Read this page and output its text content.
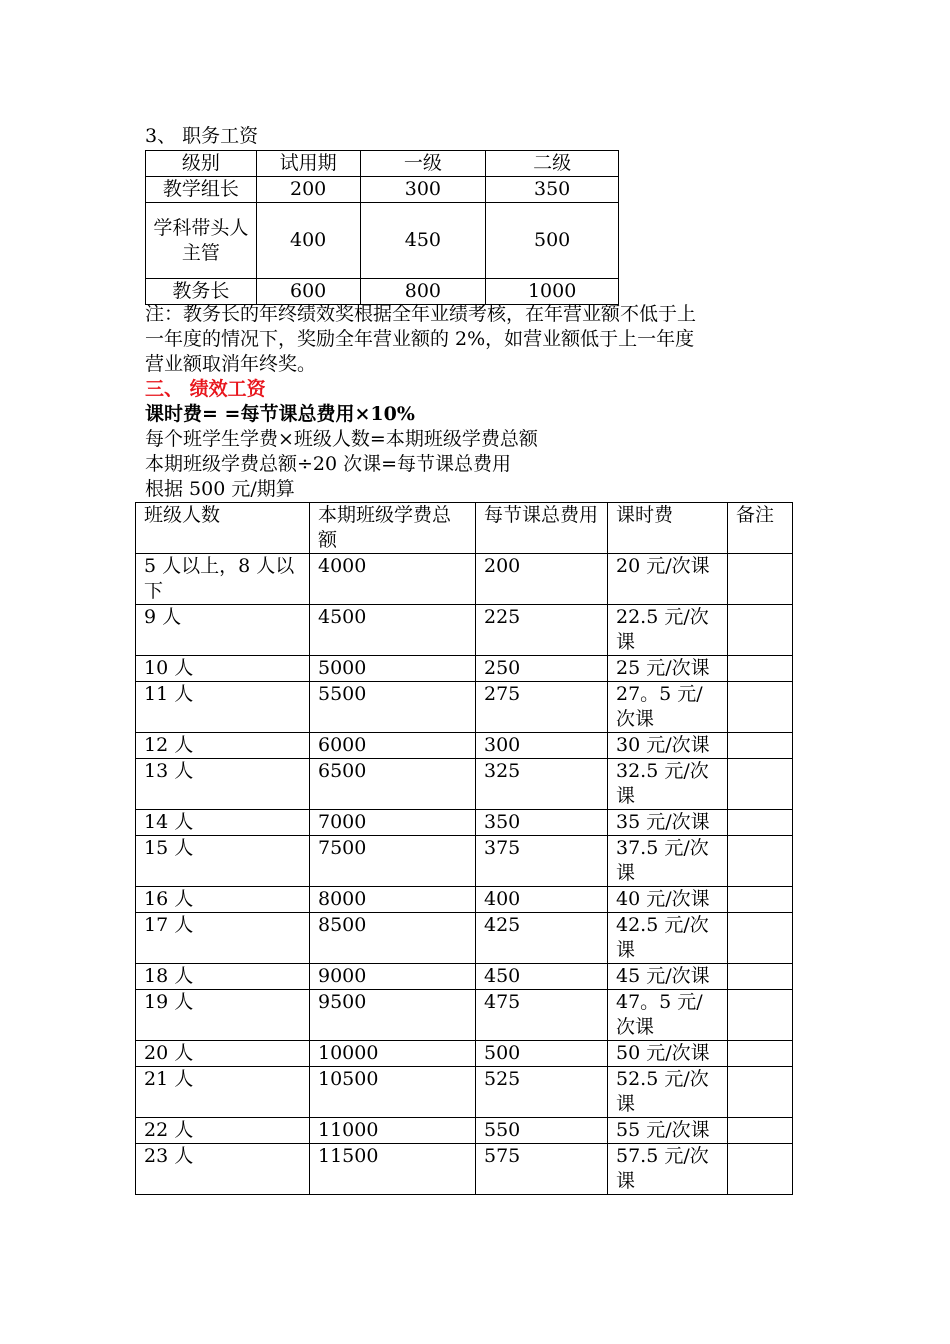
3、 职务工资
级别	试用期	一级	二级
教学组长	200	300	350
学科带头人
主管	400	450	500
教务长	600	800	1000
注：教务长的年终绩效奖根据全年业绩考核，在年营业额不低于上
一年度的情况下，奖励全年营业额的 2%，如营业额低于上一年度
营业额取消年终奖。
三、 绩效工资
课时费= =每节课总费用×10%
每个班学生学费×班级人数=本期班级学费总额
本期班级学费总额÷20 次课=每节课总费用
根据 500 元/期算
班级人数	本期班级学费总额	每节课总费用	课时费	备注
5 人以上，8 人以下	4000	200	20 元/次课	
9 人	4500	225	22.5 元/次课	
10 人	5000	250	25 元/次课	
11 人	5500	275	27。5 元/次课	
12 人	6000	300	30 元/次课	
13 人	6500	325	32.5 元/次课	
14 人	7000	350	35 元/次课	
15 人	7500	375	37.5 元/次课	
16 人	8000	400	40 元/次课	
17 人	8500	425	42.5 元/次课	
18 人	9000	450	45 元/次课	
19 人	9500	475	47。5 元/次课	
20 人	10000	500	50 元/次课	
21 人	10500	525	52.5 元/次课	
22 人	11000	550	55 元/次课	
23 人	11500	575	57.5 元/次课	
